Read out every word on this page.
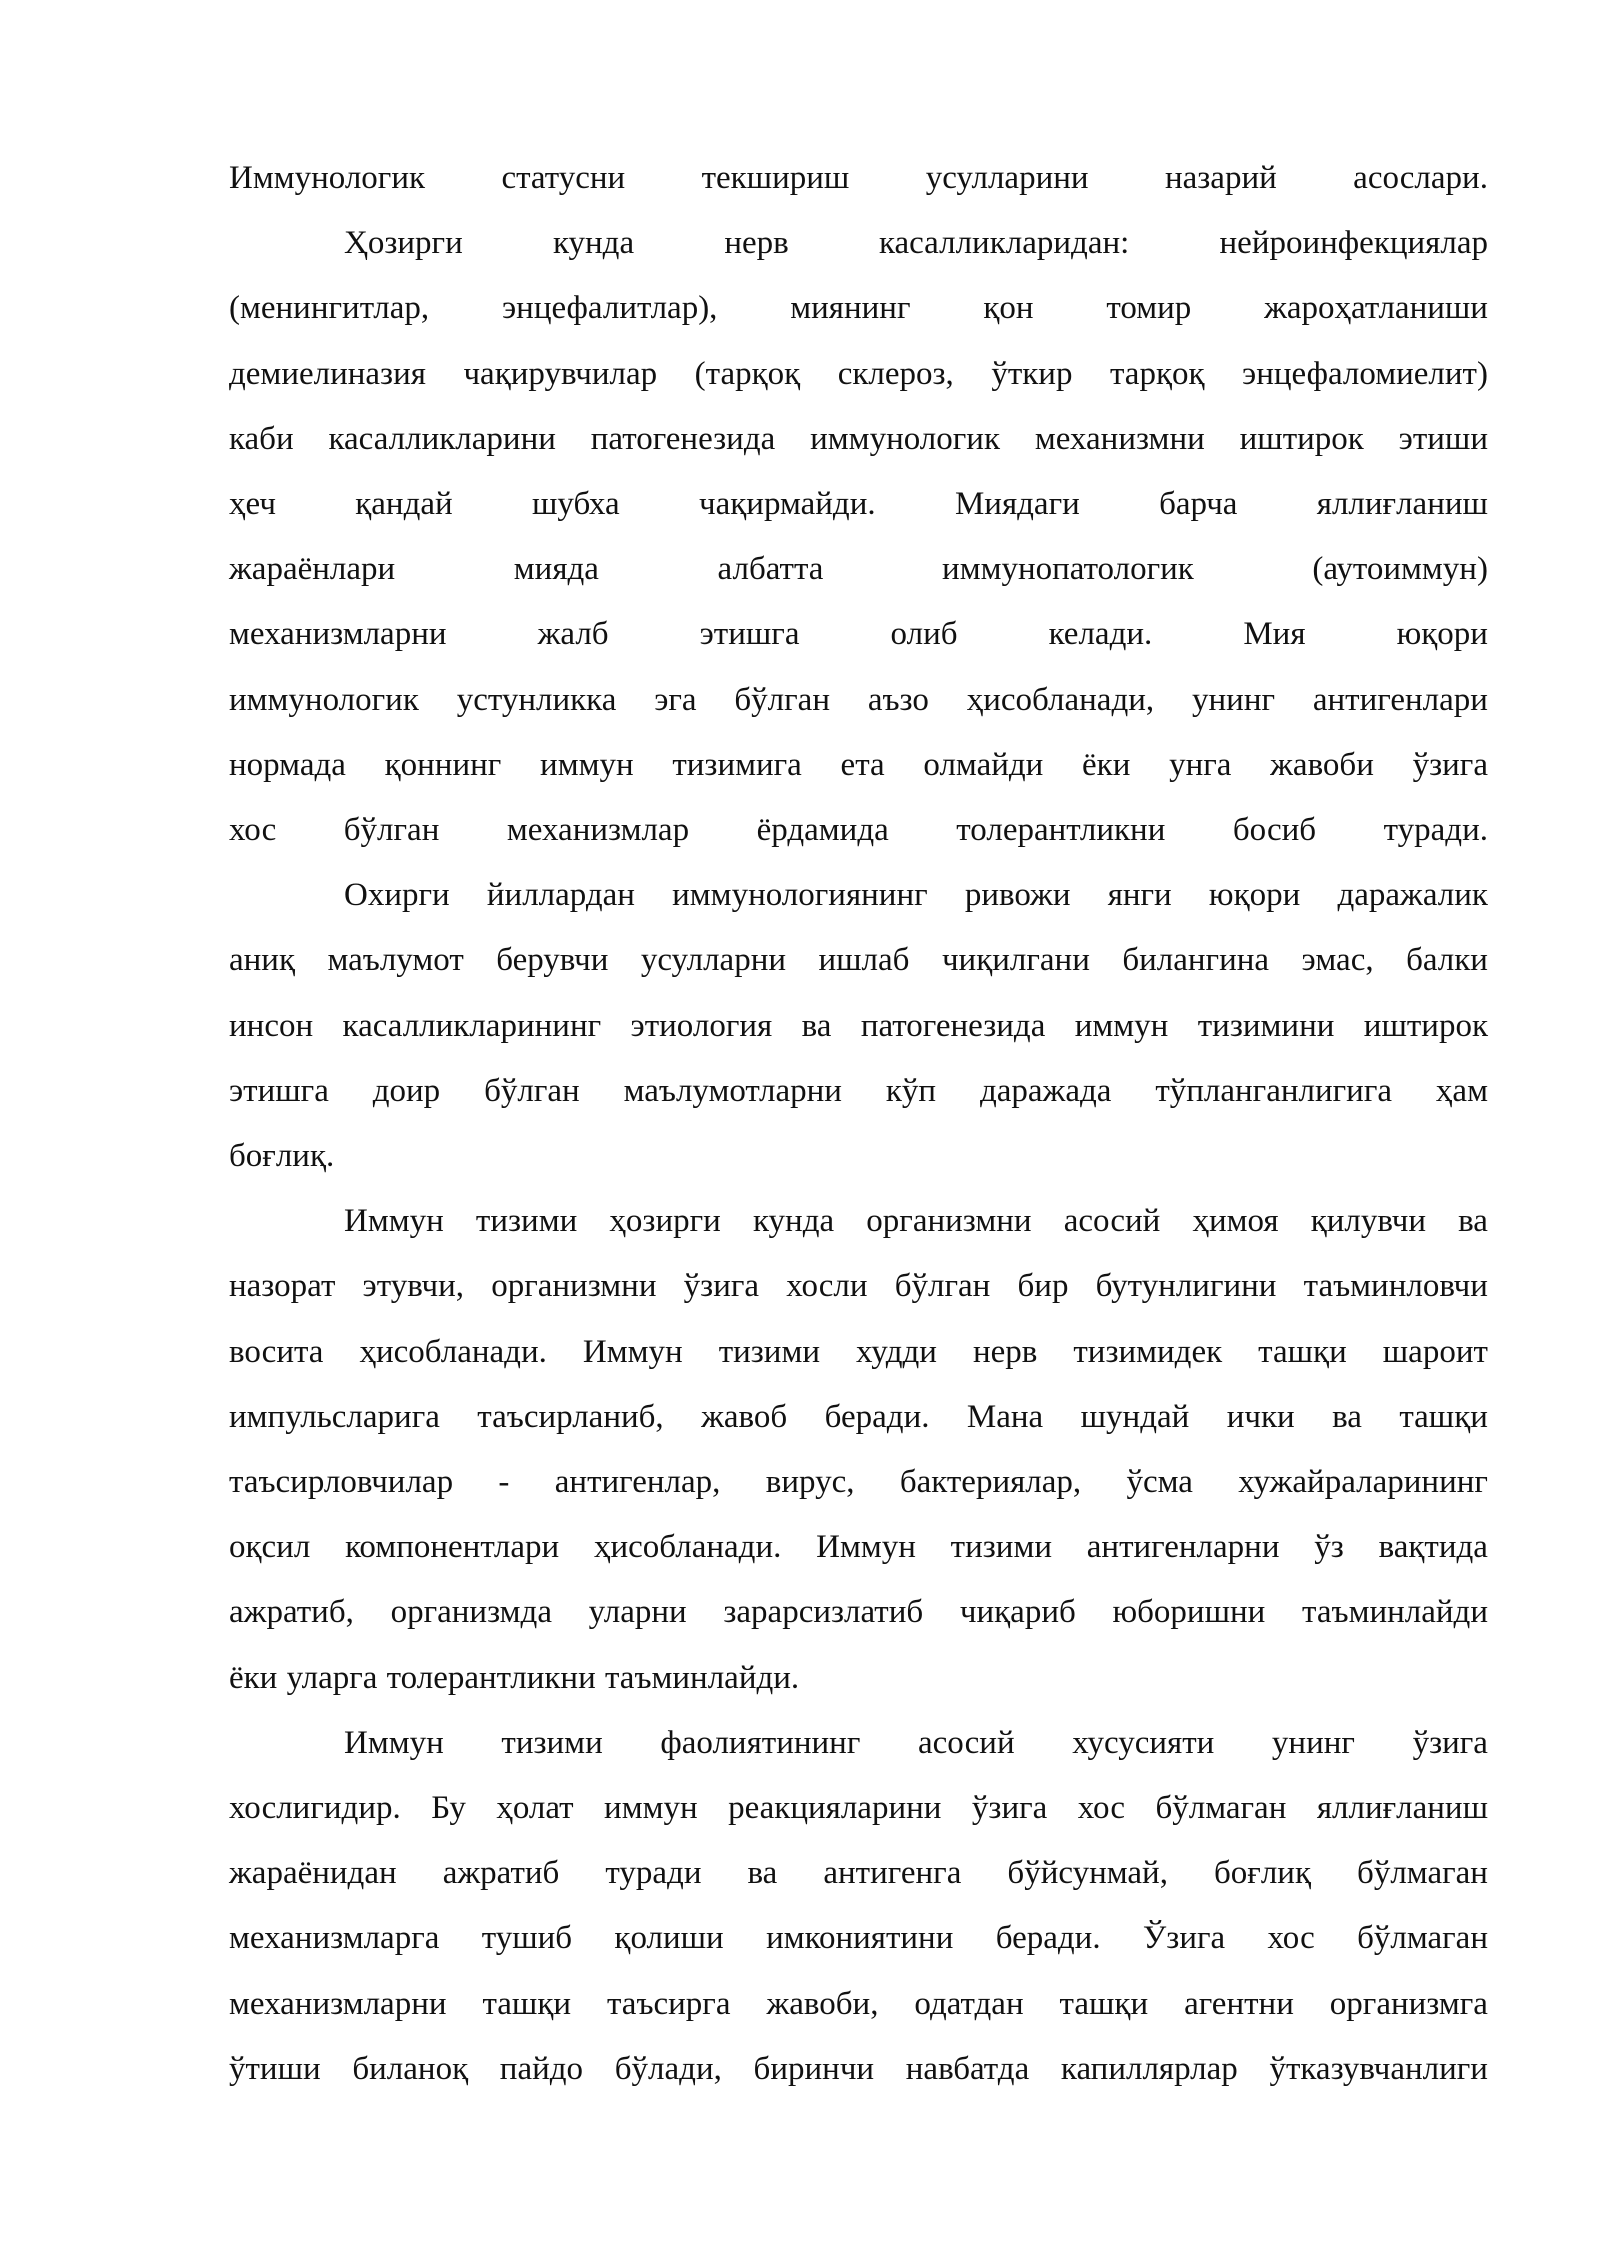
Иммунологик статусни текшириш усулларини назарий асослари.
Ҳозирги	кунда	нерв	касалликларидан:	нейроинфекциялар
(менингитлар, энцефалитлар), миянинг қон томир жароҳатланиши
демиелиназия чақирувчилар (тарқоқ склероз, ўткир тарқоқ энцефаломиелит)
каби касалликларини патогенезида иммунологик механизмни иштирок этиши
ҳеч қандай шубха чақирмайди. Миядаги барча яллиғланиш
жараёнлари	мияда	албатта	иммунопатологик	(аутоиммун)
механизмларни	жалб	этишга	олиб	келади.	Мия	юқори
иммунологик устунликка эга бўлган аъзо ҳисобланади, унинг антигенлари
нормада қоннинг иммун тизимига ета олмайди ёки унга жавоби ўзига
хос бўлган механизмлар ёрдамида толерантликни босиб туради.
Охирги йиллардан иммунологиянинг ривожи янги юқори даражалик
аниқ маълумот берувчи усулларни ишлаб чиқилгани билангина эмас, балки
инсон касалликларининг этиология ва патогенезида иммун тизимини иштирок
этишга доир бўлган маълумотларни кўп даражада тўпланганлигига ҳам
боғлиқ.
Иммун тизими ҳозирги кунда организмни асосий ҳимоя қилувчи ва
назорат этувчи, организмни ўзига хосли бўлган бир бутунлигини таъминловчи
восита ҳисобланади. Иммун тизими худди нерв тизимидек ташқи шароит
импульсларига таъсирланиб, жавоб беради. Мана шундай ички ва ташқи
таъсирловчилар - антигенлар, вирус, бактериялар, ўсма хужайраларининг
оқсил компонентлари ҳисобланади. Иммун тизими антигенларни ўз вақтида
ажратиб, организмда уларни зарарсизлатиб чиқариб юборишни таъминлайди
ёки уларга толерантликни таъминлайди.
Иммун тизими фаолиятининг асосий хусусияти унинг ўзига
хослигидир. Бу ҳолат иммун реакцияларини ўзига хос бўлмаган яллиғланиш
жараёнидан ажратиб туради ва антигенга бўйсунмай, боғлиқ бўлмаган
механизмларга тушиб қолиши имкониятини беради. Ўзига хос бўлмаган
механизмларни ташқи таъсирга жавоби, одатдан ташқи агентни организмга
ўтиши биланоқ пайдо бўлади, биринчи навбатда капиллярлар ўтказувчанлиги
